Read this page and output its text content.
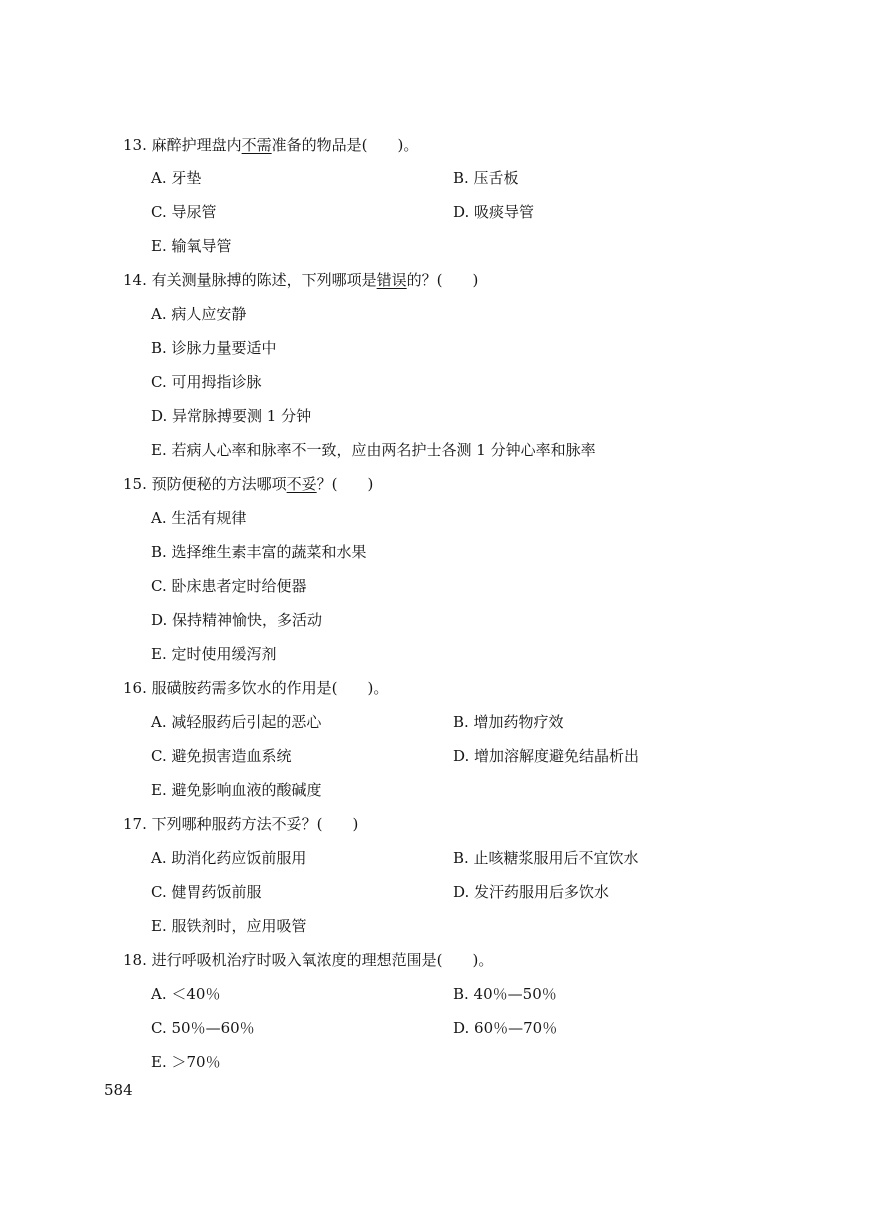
13. 麻醉护理盘内不需准备的物品是(　　)。
A. 牙垫	B. 压舌板
C. 导尿管	D. 吸痰导管
E. 输氧导管
14. 有关测量脉搏的陈述，下列哪项是错误的？(　　)
A. 病人应安静
B. 诊脉力量要适中
C. 可用拇指诊脉
D. 异常脉搏要测 1 分钟
E. 若病人心率和脉率不一致，应由两名护士各测 1 分钟心率和脉率
15. 预防便秘的方法哪项不妥？(　　)
A. 生活有规律
B. 选择维生素丰富的蔬菜和水果
C. 卧床患者定时给便器
D. 保持精神愉快，多活动
E. 定时使用缓泻剂
16. 服磺胺药需多饮水的作用是(　　)。
A. 减轻服药后引起的恶心	B. 增加药物疗效
C. 避免损害造血系统	D. 增加溶解度避免结晶析出
E. 避免影响血液的酸碱度
17. 下列哪种服药方法不妥？(　　)
A. 助消化药应饭前服用	B. 止咳糖浆服用后不宜饮水
C. 健胃药饭前服	D. 发汗药服用后多饮水
E. 服铁剂时，应用吸管
18. 进行呼吸机治疗时吸入氧浓度的理想范围是(　　)。
A. ＜40％	B. 40％—50％
C. 50％—60％	D. 60％—70％
E. ＞70％
584
